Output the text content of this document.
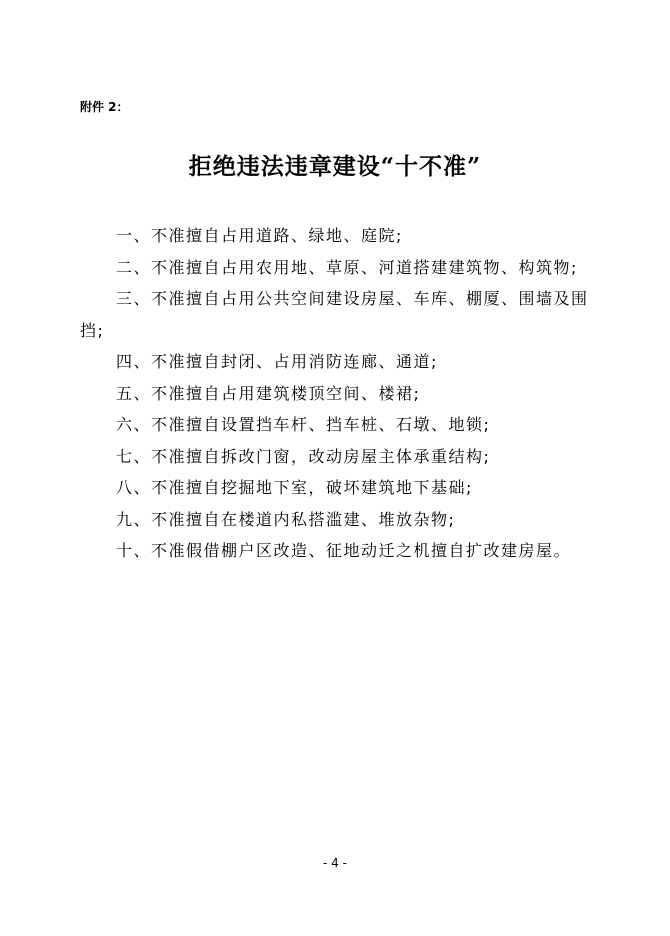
附件 2：
拒绝违法违章建设“十不准”

一、不准擅自占用道路、绿地、庭院;

二、不准擅自占用农用地、草原、河道搭建建筑物、构筑物;

三、不准擅自占用公共空间建设房屋、车库、棚厦、围墙及围挡;

四、不准擅自封闭、占用消防连廊、通道;

五、不准擅自占用建筑楼顶空间、楼裙;

六、不准擅自设置挡车杆、挡车桩、石墩、地锁;

七、不准擅自拆改门窗，改动房屋主体承重结构;

八、不准擅自挖掘地下室，破坏建筑地下基础;

九、不准擅自在楼道内私搭滥建、堆放杂物;

十、不准假借棚户区改造、征地动迁之机擅自扩改建房屋。

- 4 -
